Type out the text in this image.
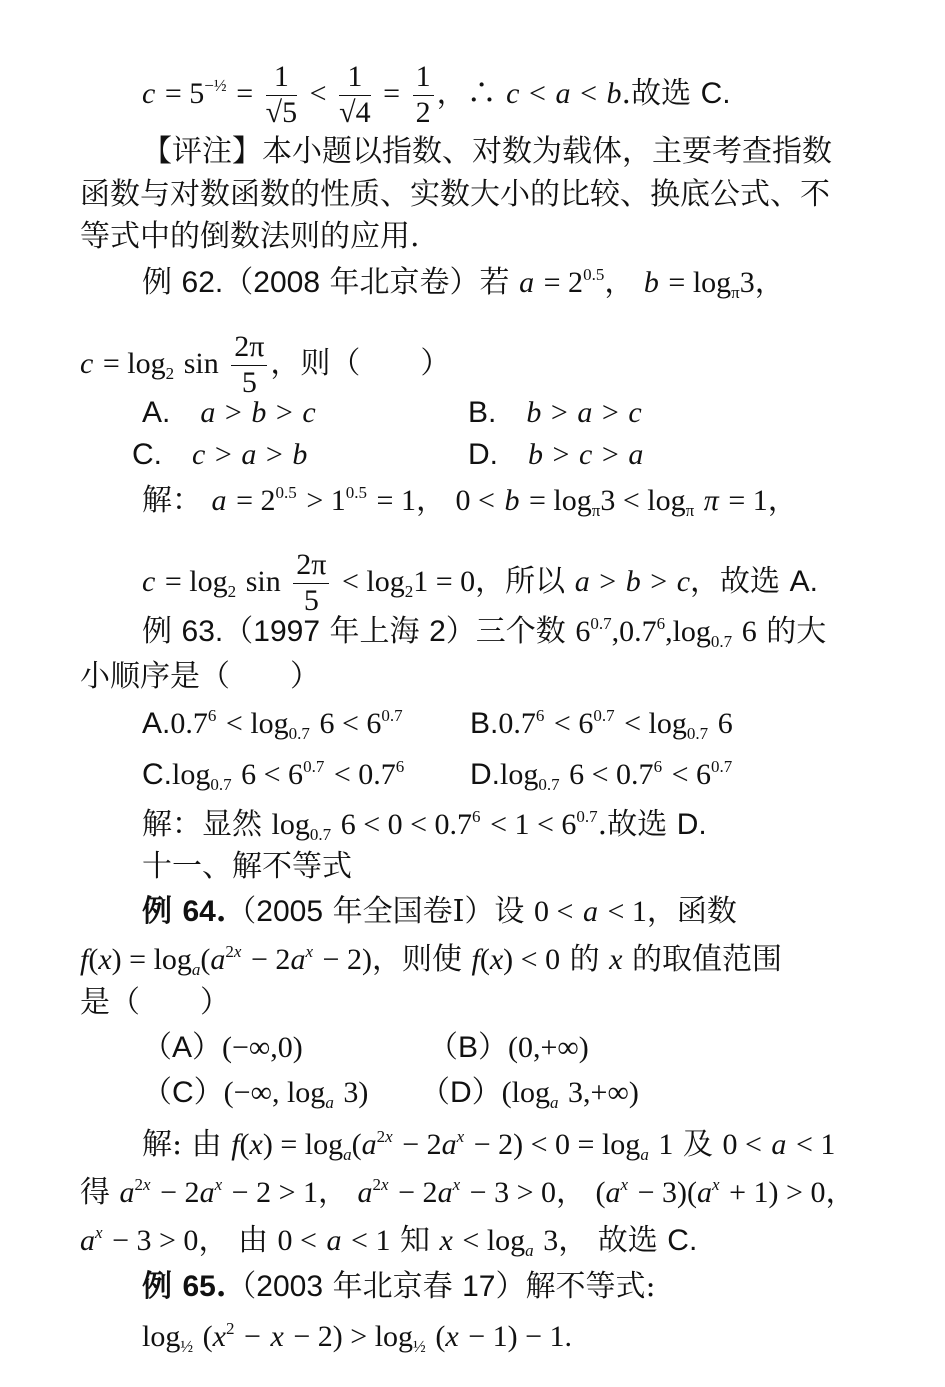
$c = 5^{-\frac{1}{2}} = \frac{1}{√5} < \frac{1}{√4} = \frac{1}{2}$ ，∴ c < a < b.故选 C.
【评注】本小题以指数、对数为载体，主要考查指数
函数与对数函数的性质、实数大小的比较、换底公式、不
等式中的倒数法则的应用.
例 62.（2008 年北京卷）若 $a = 2^{0.5}$， $b = \log_\pi 3$，
$c = \log_2 \sin \frac{2\pi}{5}$ ，则（　　）
A.　 a > b > c	B.　 b > a > c
C.　 c > a > b	D.　 b > c > a
解： $a = 2^{0.5} > 1^{0.5} = 1$， $0 < b = \log_\pi 3 < \log_\pi \pi = 1$，
$c = \log_2 \sin \frac{2\pi}{5} < \log_21 = 0$，所以 a > b > c，故选 A.
例 63.（1997 年上海 2）三个数 $6^{0.7},0.7^6,\log_{0.7}$ 6 的大
小顺序是（　　）
$A.0.7^6 < \log_{0.7} 6 < 6^{0.7}$ $B.0.7^6 < 6^{0.7} < \log_{0.7} 6$
$C.\log_{0.7}$ $6 < 6^{0.7} < 0.7^6$ $D.\log_{0.7}$ $6 < 0.7^6 < 6^{0.7}$
解：显然 $\log_{0.7} 6 < 0 < 0.7^6 < 1 < 6^{0.7}$.故选 D.
十一、解不等式
例 64.（2005 年全国卷Ⅰ）设 0 < a < 1，函数
$f(x) = \log_a(a^{2x} - 2a^x - 2)$，则使 f(x) < 0 的 x 的取值范围
是（　　）
（A）(−∞,0)	（B）(0,+∞)
（C）(−∞, $\log_a 3$) $(D)(\log_a$ 3,+∞)
解: 由 $f(x) = \log_a(a^{2x} - 2a^x - 2) < 0 = \log_a 1$ 及 0 < a < 1
得 $a^{2x} - 2a^x - 2 > 1$， $a^{2x} - 2a^x - 3 > 0$， $(a^x - 3)(a^x + 1) > 0$，
$a^x - 3 > 0$， 由 0 < a < 1 知 $x < \log_a 3$， 故选 C.
例 65.（2003 年北京春 17）解不等式:
$\log_{\frac{1}{2}} (x^2 - x - 2) > \log_{\frac{1}{2}} (x - 1) - 1$.
